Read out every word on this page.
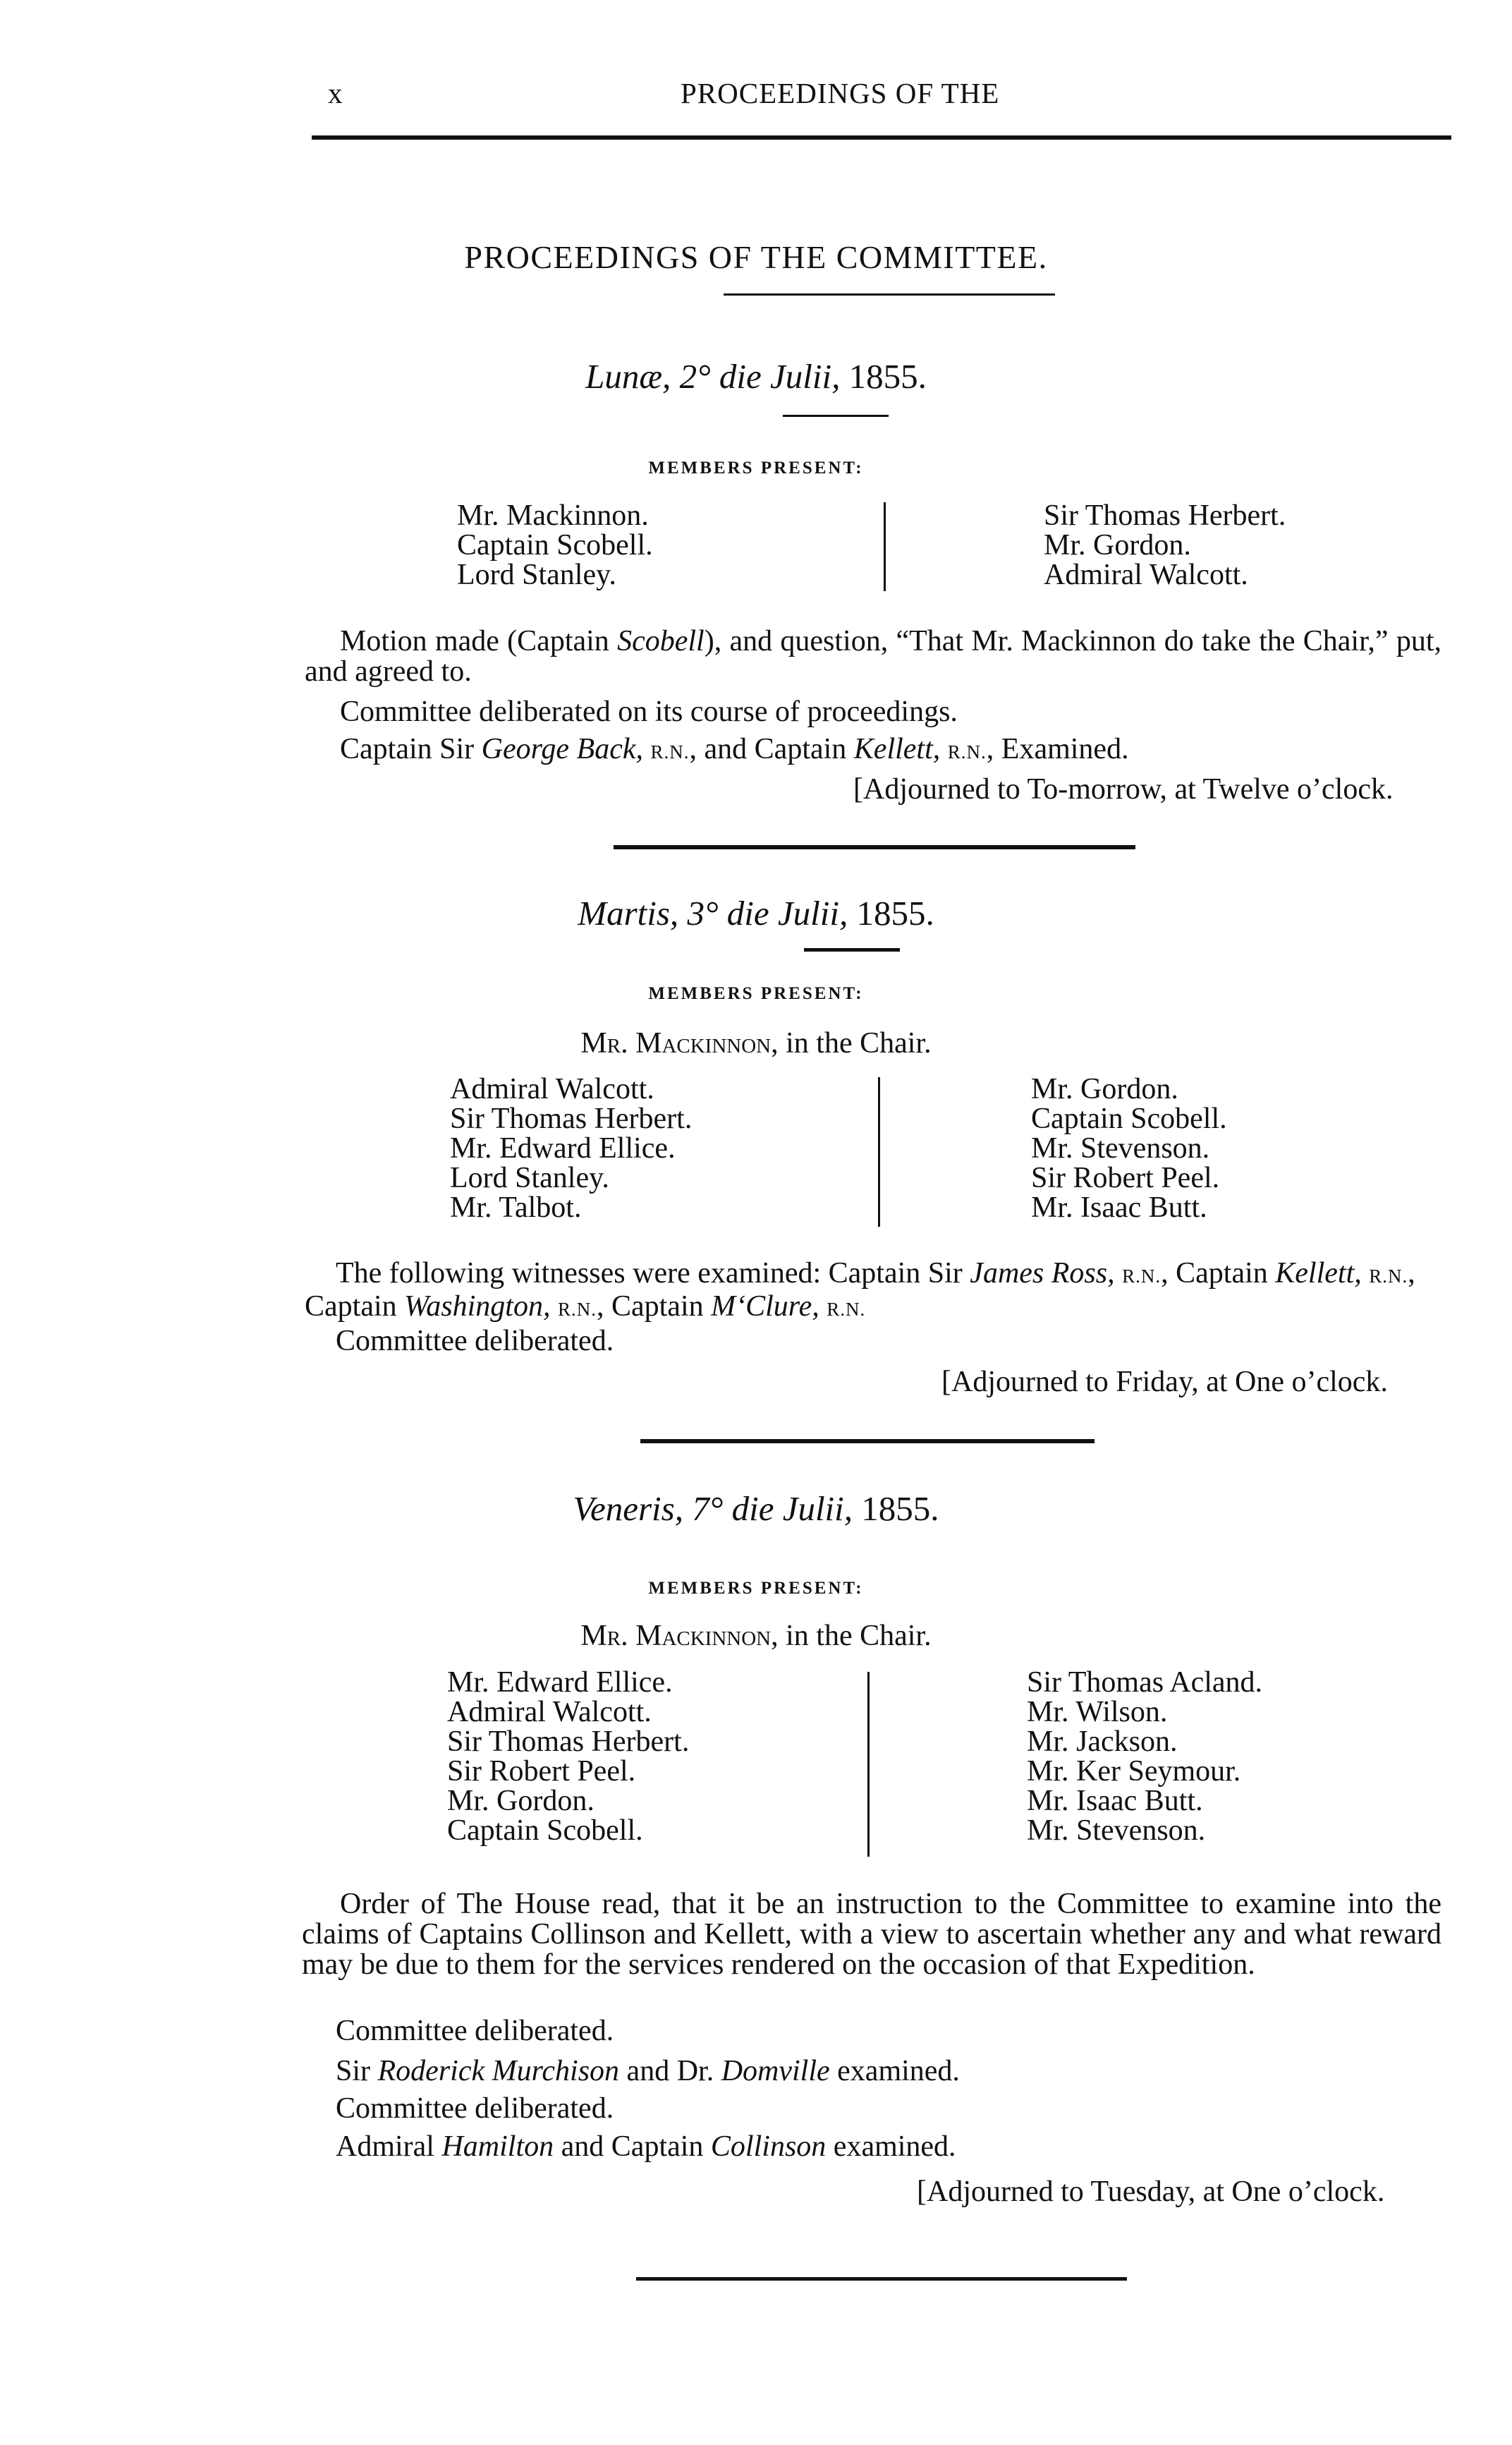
x	PROCEEDINGS OF THE
PROCEEDINGS OF THE COMMITTEE.
Lunæ, 2° die Julii, 1855.
MEMBERS PRESENT:
Mr. Mackinnon.
Captain Scobell.
Lord Stanley.
Sir Thomas Herbert.
Mr. Gordon.
Admiral Walcott.
Motion made (Captain Scobell), and question, “That Mr. Mackinnon do take the Chair,” put, and agreed to.
Committee deliberated on its course of proceedings.
Captain Sir George Back, R.N., and Captain Kellett, R.N., Examined.
[Adjourned to To-morrow, at Twelve o’clock.
Martis, 3° die Julii, 1855.
MEMBERS PRESENT:
Mr. Mackinnon, in the Chair.
Admiral Walcott.
Sir Thomas Herbert.
Mr. Edward Ellice.
Lord Stanley.
Mr. Talbot.
Mr. Gordon.
Captain Scobell.
Mr. Stevenson.
Sir Robert Peel.
Mr. Isaac Butt.
The following witnesses were examined: Captain Sir James Ross, R.N., Captain Kellett, R.N., Captain Washington, R.N., Captain M‘Clure, R.N.
Committee deliberated.
[Adjourned to Friday, at One o’clock.
Veneris, 7° die Julii, 1855.
MEMBERS PRESENT:
Mr. Mackinnon, in the Chair.
Mr. Edward Ellice.
Admiral Walcott.
Sir Thomas Herbert.
Sir Robert Peel.
Mr. Gordon.
Captain Scobell.
Sir Thomas Acland.
Mr. Wilson.
Mr. Jackson.
Mr. Ker Seymour.
Mr. Isaac Butt.
Mr. Stevenson.
Order of The House read, that it be an instruction to the Committee to examine into the claims of Captains Collinson and Kellett, with a view to ascertain whether any and what reward may be due to them for the services rendered on the occasion of that Expedition.
Committee deliberated.
Sir Roderick Murchison and Dr. Domville examined.
Committee deliberated.
Admiral Hamilton and Captain Collinson examined.
[Adjourned to Tuesday, at One o’clock.
